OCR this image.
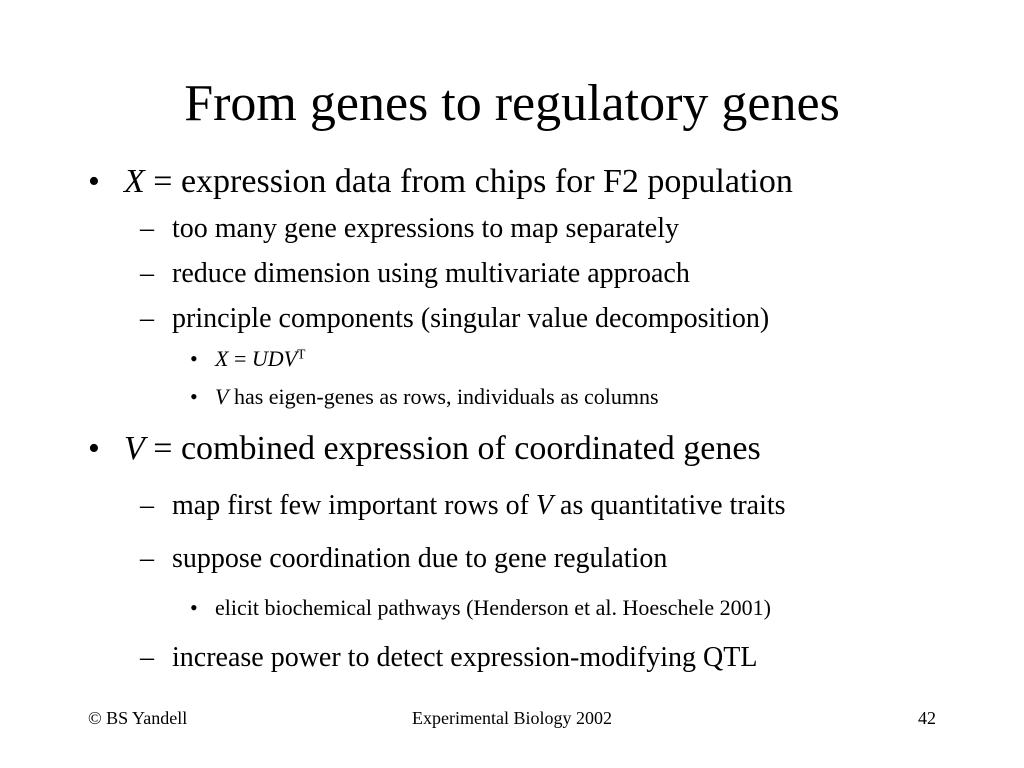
From genes to regulatory genes
• X = expression data from chips for F2 population
– too many gene expressions to map separately
– reduce dimension using multivariate approach
– principle components (singular value decomposition)
• $X = UDV^T$
• V has eigen-genes as rows, individuals as columns
• V = combined expression of coordinated genes
– map first few important rows of V as quantitative traits
– suppose coordination due to gene regulation
• elicit biochemical pathways (Henderson et al. Hoeschele 2001)
– increase power to detect expression-modifying QTL
© BS Yandell	Experimental Biology 2002	42
